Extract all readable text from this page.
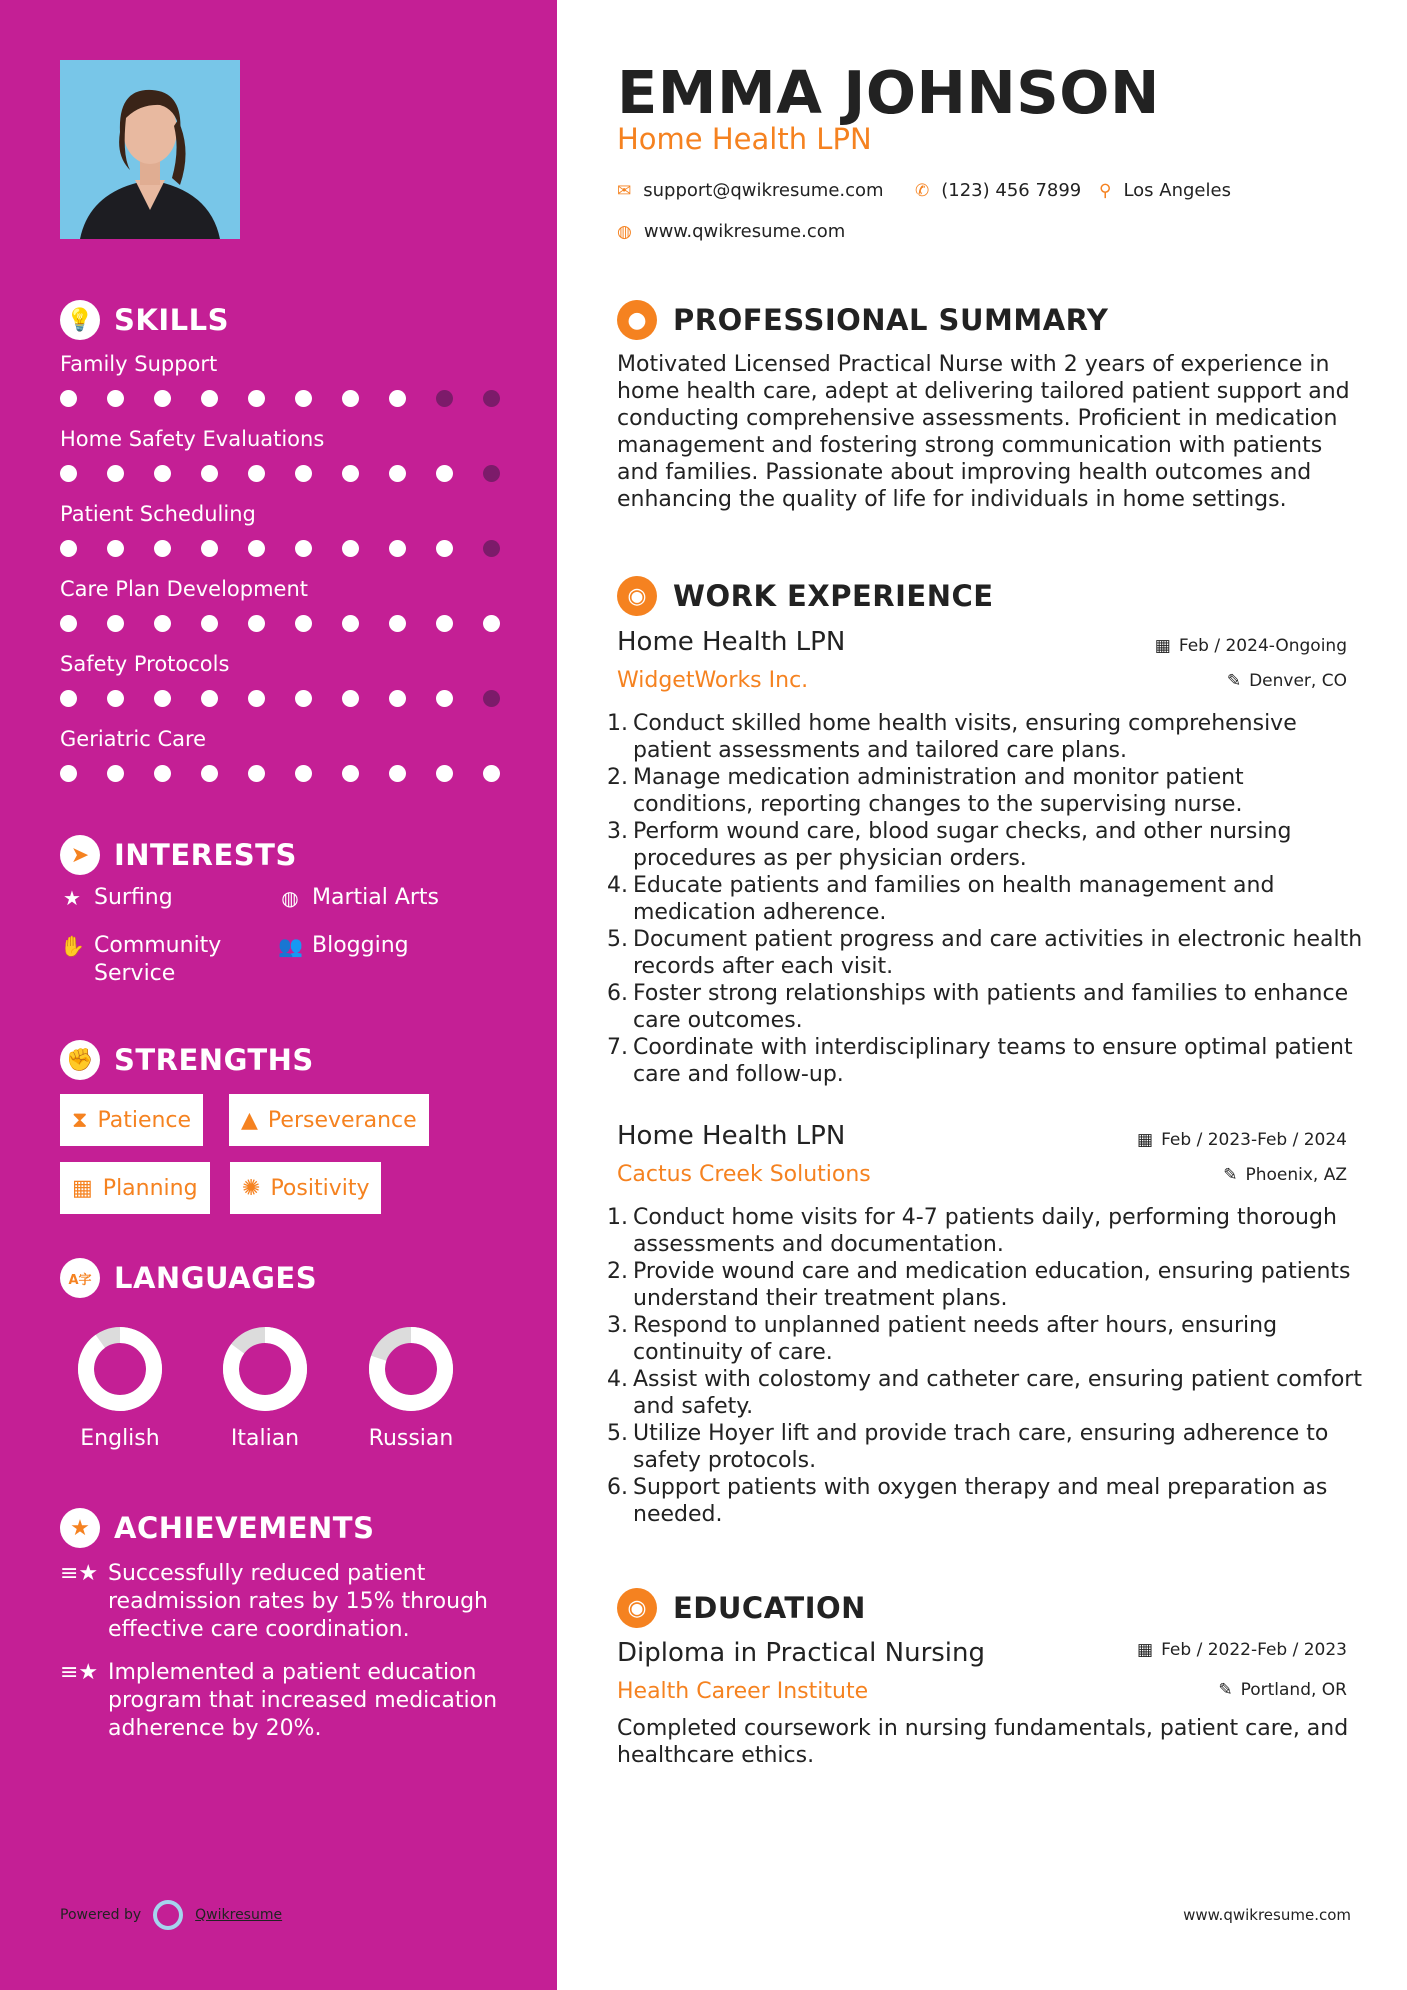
💡 SKILLS
Family Support
Home Safety Evaluations
Patient Scheduling
Care Plan Development
Safety Protocols
Geriatric Care
➤ INTERESTS
★ Surfing	◍ Martial Arts
✋ Community Service
👥 Blogging
✊ STRENGTHS
⧗ Patience ▲ Perseverance
▦ Planning ✺ Positivity
A字 LANGUAGES
English	Italian	Russian
★ ACHIEVEMENTS
≡★ Successfully reduced patient readmission rates by 15% through effective care coordination.
≡★ Implemented a patient education program that increased medication adherence by 20%.
Powered by	Qwikresume
EMMA JOHNSON
Home Health LPN
✉ support@qwikresume.com ✆ (123) 456 7899 ⚲ Los Angeles
◍ www.qwikresume.com
● PROFESSIONAL SUMMARY
Motivated Licensed Practical Nurse with 2 years of experience in home health care, adept at delivering tailored patient support and conducting comprehensive assessments. Proficient in medication management and fostering strong communication with patients and families. Passionate about improving health outcomes and enhancing the quality of life for individuals in home settings.
◉ WORK EXPERIENCE
Home Health LPN	▦ Feb / 2024-Ongoing
WidgetWorks Inc.	✎ Denver, CO
1. Conduct skilled home health visits, ensuring comprehensive patient assessments and tailored care plans.
2. Manage medication administration and monitor patient conditions, reporting changes to the supervising nurse.
3. Perform wound care, blood sugar checks, and other nursing procedures as per physician orders.
4. Educate patients and families on health management and medication adherence.
5. Document patient progress and care activities in electronic health records after each visit.
6. Foster strong relationships with patients and families to enhance care outcomes.
7. Coordinate with interdisciplinary teams to ensure optimal patient care and follow-up.
Home Health LPN	▦ Feb / 2023-Feb / 2024
Cactus Creek Solutions	✎ Phoenix, AZ
1. Conduct home visits for 4-7 patients daily, performing thorough assessments and documentation.
2. Provide wound care and medication education, ensuring patients understand their treatment plans.
3. Respond to unplanned patient needs after hours, ensuring continuity of care.
4. Assist with colostomy and catheter care, ensuring patient comfort and safety.
5. Utilize Hoyer lift and provide trach care, ensuring adherence to safety protocols.
6. Support patients with oxygen therapy and meal preparation as needed.
◉ EDUCATION
Diploma in Practical Nursing	▦ Feb / 2022-Feb / 2023
Health Career Institute	✎ Portland, OR
Completed coursework in nursing fundamentals, patient care, and healthcare ethics.
www.qwikresume.com
